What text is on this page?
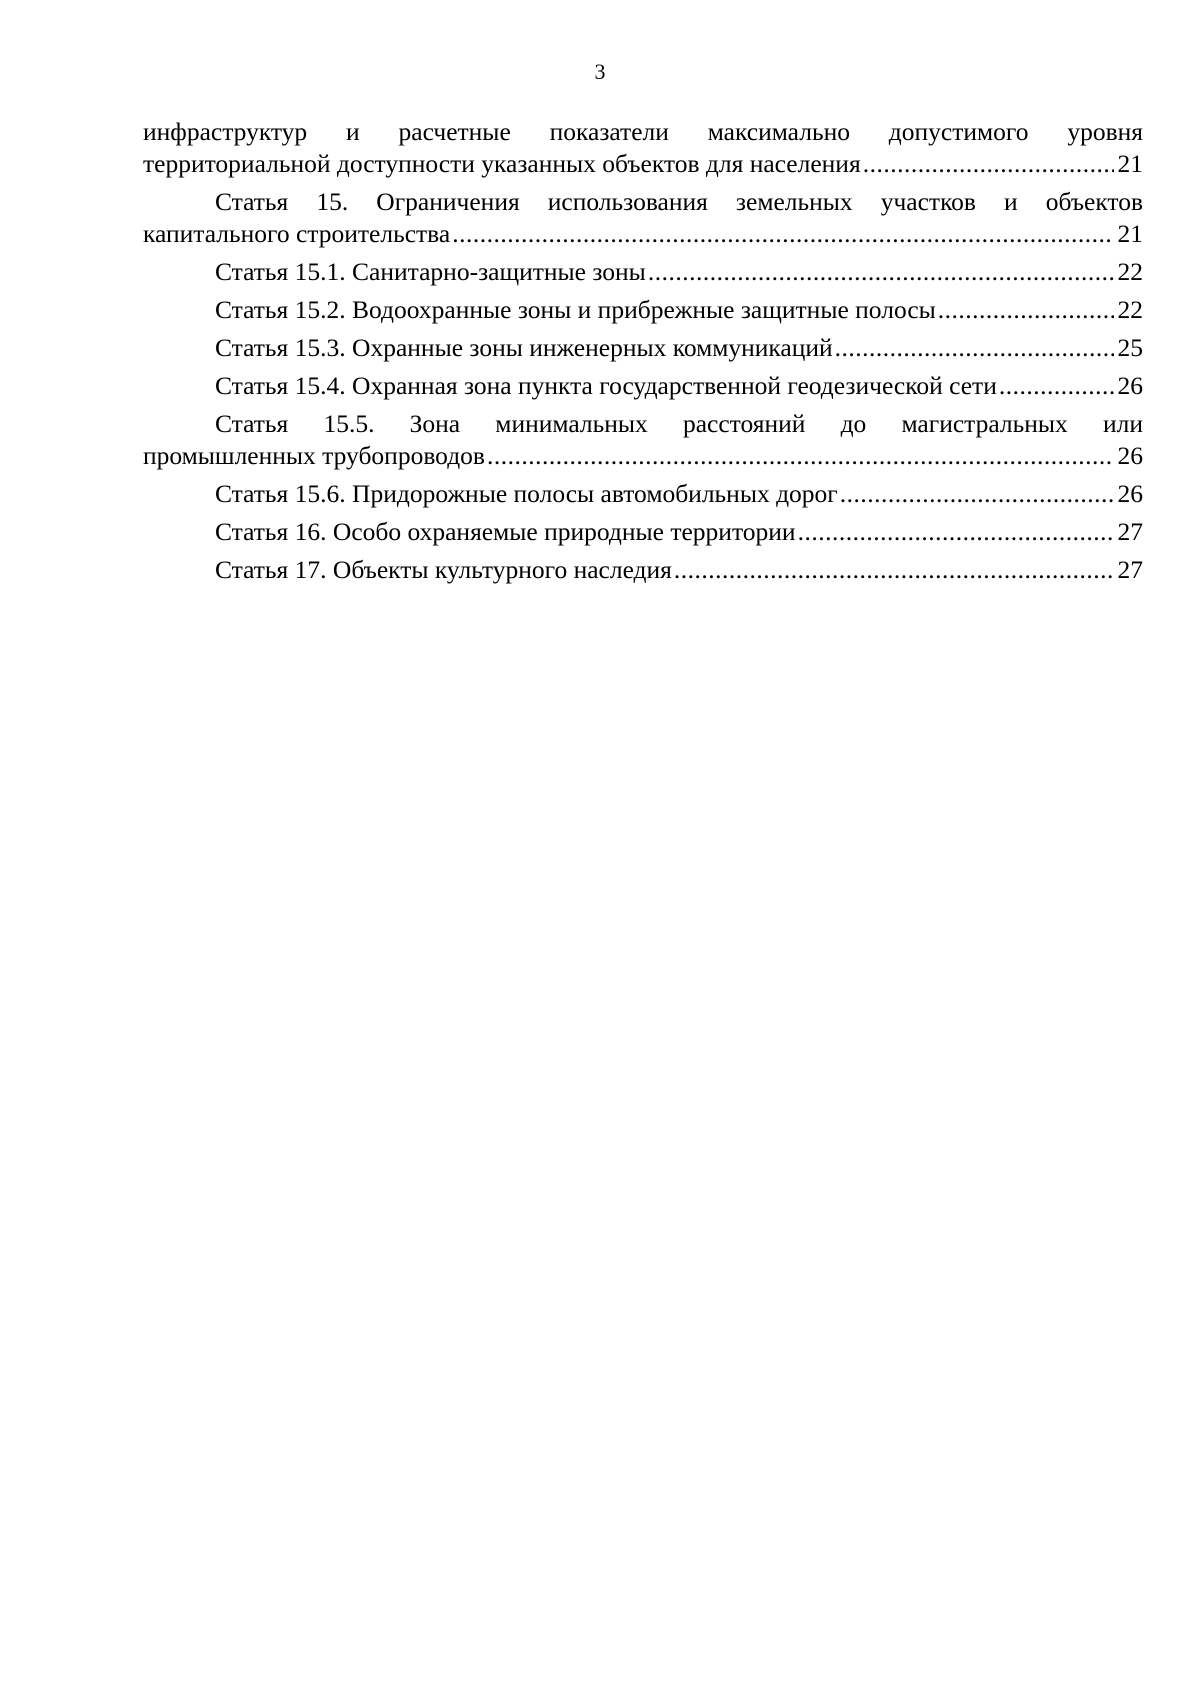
3
инфраструктур и расчетные показатели максимально допустимого уровня
территориальной доступности указанных объектов для населения .....	21
Статья 15. Ограничения использования земельных участков и объектов
капитального строительства .....	21
Статья 15.1. Санитарно-защитные зоны .....	22
Статья 15.2. Водоохранные зоны и прибрежные защитные полосы .....	22
Статья 15.3. Охранные зоны инженерных коммуникаций .....	25
Статья 15.4. Охранная зона пункта государственной геодезической сети .....	26
Статья 15.5. Зона минимальных расстояний до магистральных или
промышленных трубопроводов .....	26
Статья 15.6. Придорожные полосы автомобильных дорог .....	26
Статья 16. Особо охраняемые природные территории .....	27
Статья 17. Объекты культурного наследия .....	27
